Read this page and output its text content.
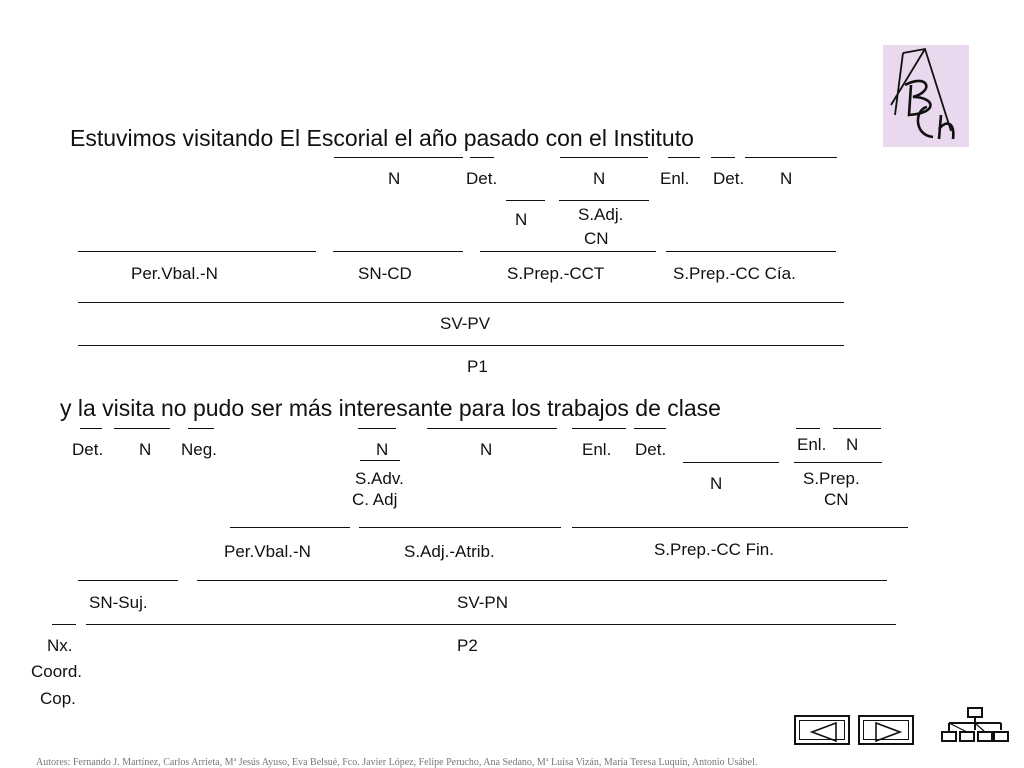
Estuvimos visitando El Escorial el año pasado con el Instituto
N	Det.	N	Enl. Det. N
N	S.Adj.
CN
Per.Vbal.-N	SN-CD	S.Prep.-CCT	S.Prep.-CC Cía.
SV-PV
P1
y la visita no pudo ser más interesante para los trabajos de clase
Det. N Neg.	N	N	Enl. Det.	Enl. N
S.Adv.
C. Adj
N	S.Prep.
CN
Per.Vbal.-N	S.Adj.-Atrib.	S.Prep.-CC Fin.
SN-Suj.	SV-PN
Nx.
Coord.
Cop.
P2
Autores: Fernando J. Martínez, Carlos Arrieta, Mª Jesús Ayuso, Eva Belsué, Fco. Javier López, Felipe Perucho, Ana Sedano, Mª Luisa Vizán, María Teresa Luquín, Antonio Usábel.
